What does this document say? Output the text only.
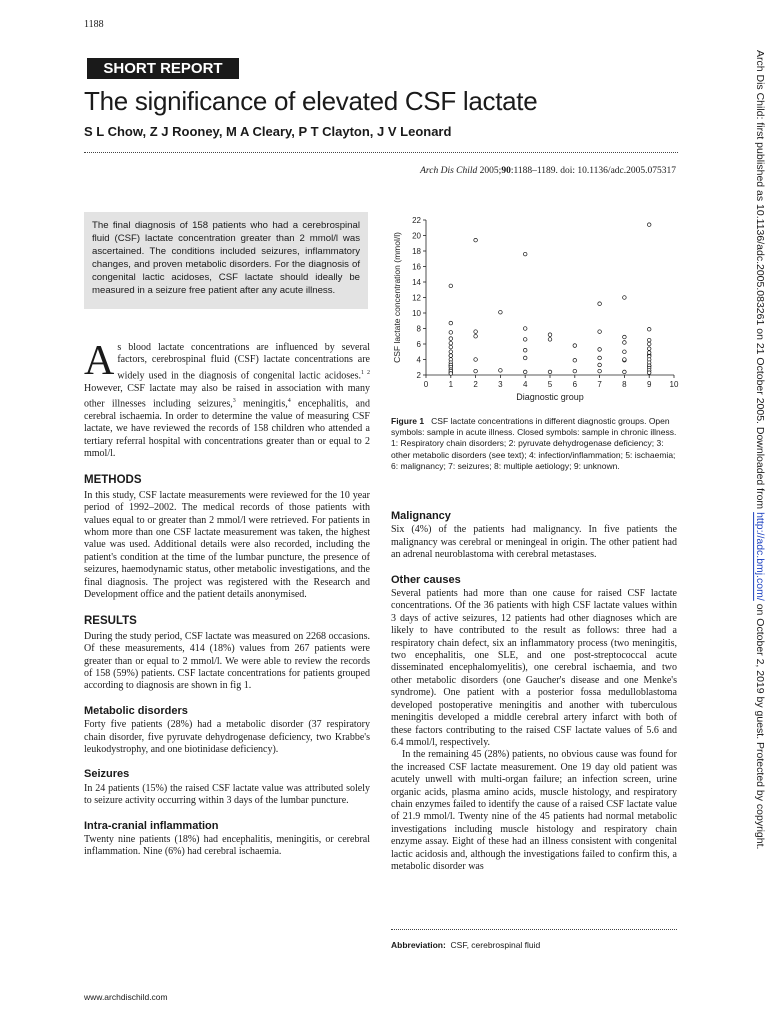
1188
SHORT REPORT
The significance of elevated CSF lactate
S L Chow, Z J Rooney, M A Cleary, P T Clayton, J V Leonard
Arch Dis Child 2005;90:1188–1189. doi: 10.1136/adc.2005.075317
The final diagnosis of 158 patients who had a cerebrospinal fluid (CSF) lactate concentration greater than 2 mmol/l was ascertained. The conditions included seizures, inflammatory changes, and proven metabolic disorders. For the diagnosis of congenital lactic acidoses, CSF lactate should ideally be measured in a seizure free patient after any acute illness.

As blood lactate concentrations are influenced by several factors, cerebrospinal fluid (CSF) lactate concentrations are widely used in the diagnosis of congenital lactic acidoses.$^{1 2}$ However, CSF lactate may also be raised in association with many other illnesses including seizures,$^3$ meningitis,$^4$ encephalitis, and cerebral ischaemia. In order to determine the value of measuring CSF lactate, we have reviewed the records of 158 children who attended a tertiary referral hospital with concentrations greater than or equal to 2 mmol/l.

METHODS

In this study, CSF lactate measurements were reviewed for the 10 year period of 1992–2002. The medical records of those patients with values equal to or greater than 2 mmol/l were retrieved. For patients in whom more than one CSF lactate measurement was taken, the highest value was used. Additional details were also recorded, including the patient's condition at the time of the lumbar puncture, the presence of seizures, haemodynamic status, other metabolic investigations, and the final diagnosis. The project was registered with the Research and Development office and the patient details anonymised.

RESULTS

During the study period, CSF lactate was measured on 2268 occasions. Of these measurements, 414 (18%) values from 267 patients were greater than or equal to 2 mmol/l. We were able to review the records of 158 (59%) patients. CSF lactate concentrations for patients grouped according to diagnosis are shown in fig 1.

Metabolic disorders

Forty five patients (28%) had a metabolic disorder (37 respiratory chain disorder, five pyruvate dehydrogenase deficiency, two Krabbe's leukodystrophy, and one biotinidase deficiency).

Seizures

In 24 patients (15%) the raised CSF lactate value was attributed solely to seizure activity occurring within 3 days of the lumbar puncture.

Intra-cranial inflammation

Twenty nine patients (18%) had encephalitis, meningitis, or cerebral inflammation. Nine (6%) had cerebral ischaemia.

2
4
6
8
10
12
14
16
18
20
22
0	1	2	3	4	5	6	7	8	9 10
Diagnostic group
CSF lactate concentration (mmol/l)
Figure 1 CSF lactate concentrations in different diagnostic groups. Open symbols: sample in acute illness. Closed symbols: sample in chronic illness. 1: Respiratory chain disorders; 2: pyruvate dehydrogenase deficiency; 3: other metabolic disorders (see text); 4: infection/inflammation; 5: ischaemia; 6: malignancy; 7: seizures; 8: multiple aetiology; 9: unknown.
Malignancy

Six (4%) of the patients had malignancy. In five patients the malignancy was cerebral or meningeal in origin. The other patient had an adrenal neuroblastoma with cerebral metastases.

Other causes

Several patients had more than one cause for raised CSF lactate concentrations. Of the 36 patients with high CSF lactate values within 3 days of active seizures, 12 patients had other diagnoses which are likely to have contributed to the result as follows: three had a respiratory chain defect, six an inflammatory process (two meningitis, two encephalitis, one SLE, and one post-streptococcal acute disseminated encephalomyelitis), one cerebral ischaemia, and two other metabolic disorders (one Gaucher's disease and one Menke's syndrome). One patient with a posterior fossa medulloblastoma developed postoperative meningitis and another with tuberculous meningitis developed a middle cerebral artery infarct with both of these factors contributing to the raised CSF lactate values of 5.6 and 6.4 mmol/l, respectively.

In the remaining 45 (28%) patients, no obvious cause was found for the increased CSF lactate measurement. One 19 day old patient was acutely unwell with multi-organ failure; an infection screen, urine organic acids, plasma amino acids, muscle histology, and respiratory chain enzymes failed to identify the cause of a raised CSF lactate value of 21.9 mmol/l. Twenty nine of the 45 patients had normal metabolic investigations including muscle histology and respiratory chain enzyme assay. Eight of these had an illness consistent with congenital lactic acidosis and, although the investigations failed to confirm this, a metabolic disorder was

Abbreviation: CSF, cerebrospinal fluid
www.archdischild.com
Arch Dis Child: first published as 10.1136/adc.2005.083261 on 21 October 2005. Downloaded from http://adc.bmj.com/ on October 2, 2019 by guest. Protected by copyright.
